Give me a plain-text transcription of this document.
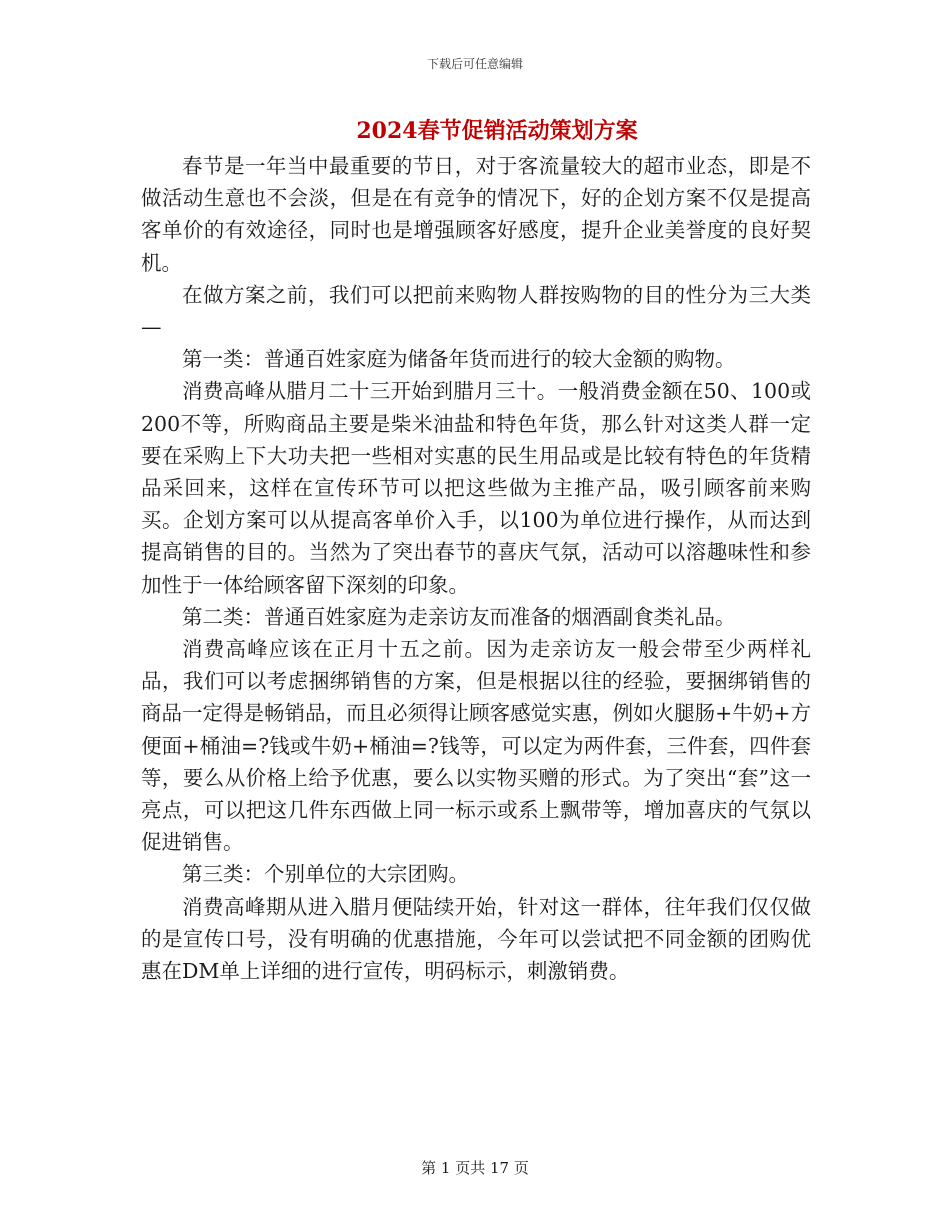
下载后可任意编辑
2024春节促销活动策划方案

春节是一年当中最重要的节日，对于客流量较大的超市业态，即是不做活动生意也不会淡，但是在有竞争的情况下，好的企划方案不仅是提高客单价的有效途径，同时也是增强顾客好感度，提升企业美誉度的良好契机。

在做方案之前，我们可以把前来购物人群按购物的目的性分为三大类—

第一类：普通百姓家庭为储备年货而进行的较大金额的购物。

消费高峰从腊月二十三开始到腊月三十。一般消费金额在50、100或200不等，所购商品主要是柴米油盐和特色年货，那么针对这类人群一定要在采购上下大功夫把一些相对实惠的民生用品或是比较有特色的年货精品采回来，这样在宣传环节可以把这些做为主推产品，吸引顾客前来购买。企划方案可以从提高客单价入手，以100为单位进行操作，从而达到提高销售的目的。当然为了突出春节的喜庆气氛，活动可以溶趣味性和参加性于一体给顾客留下深刻的印象。

第二类：普通百姓家庭为走亲访友而准备的烟酒副食类礼品。

消费高峰应该在正月十五之前。因为走亲访友一般会带至少两样礼品，我们可以考虑捆绑销售的方案，但是根据以往的经验，要捆绑销售的商品一定得是畅销品，而且必须得让顾客感觉实惠，例如火腿肠+牛奶+方便面+桶油=?钱或牛奶+桶油=?钱等，可以定为两件套，三件套，四件套等，要么从价格上给予优惠，要么以实物买赠的形式。为了突出“套”这一亮点，可以把这几件东西做上同一标示或系上飘带等，增加喜庆的气氛以促进销售。

第三类：个别单位的大宗团购。

消费高峰期从进入腊月便陆续开始，针对这一群体，往年我们仅仅做的是宣传口号，没有明确的优惠措施，今年可以尝试把不同金额的团购优惠在DM单上详细的进行宣传，明码标示，刺激销费。

第 1 页共 17 页
